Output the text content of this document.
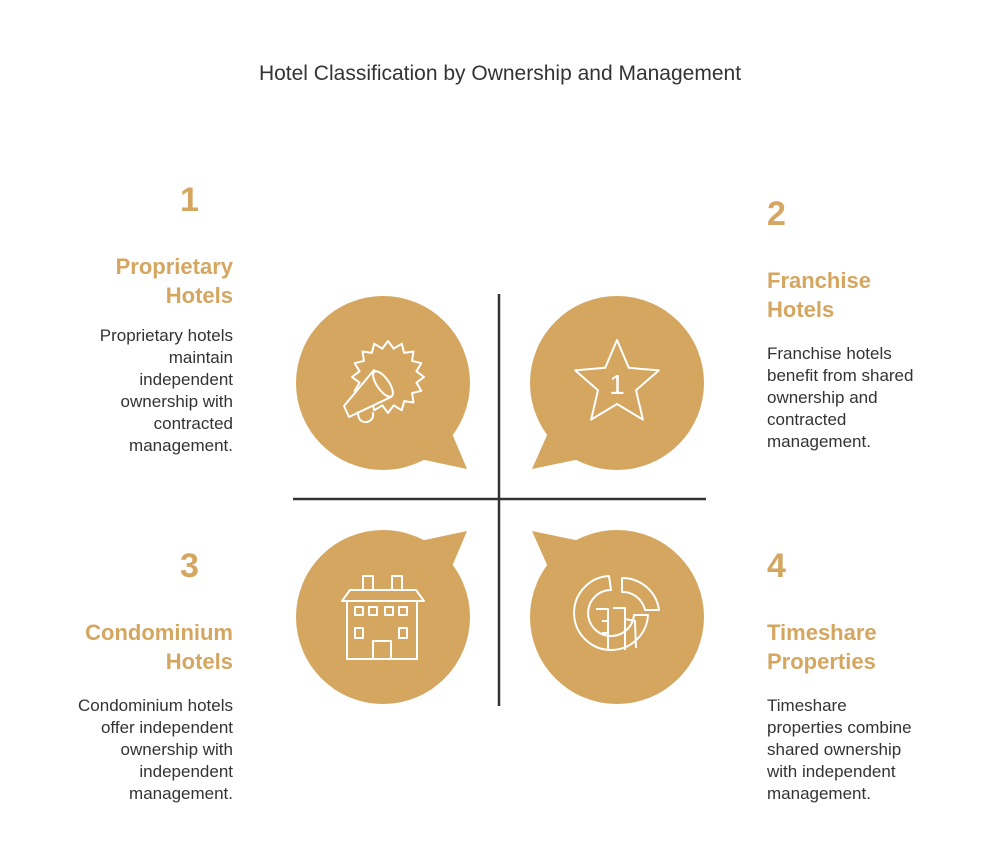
Hotel Classification by Ownership and Management
1
1
Proprietary
Hotels
Proprietary hotels
maintain
independent
ownership with
contracted
management.
2
Franchise
Hotels
Franchise hotels
benefit from shared
ownership and
contracted
management.
3
Condominium
Hotels
Condominium hotels
offer independent
ownership with
independent
management.
4
Timeshare
Properties
Timeshare
properties combine
shared ownership
with independent
management.
